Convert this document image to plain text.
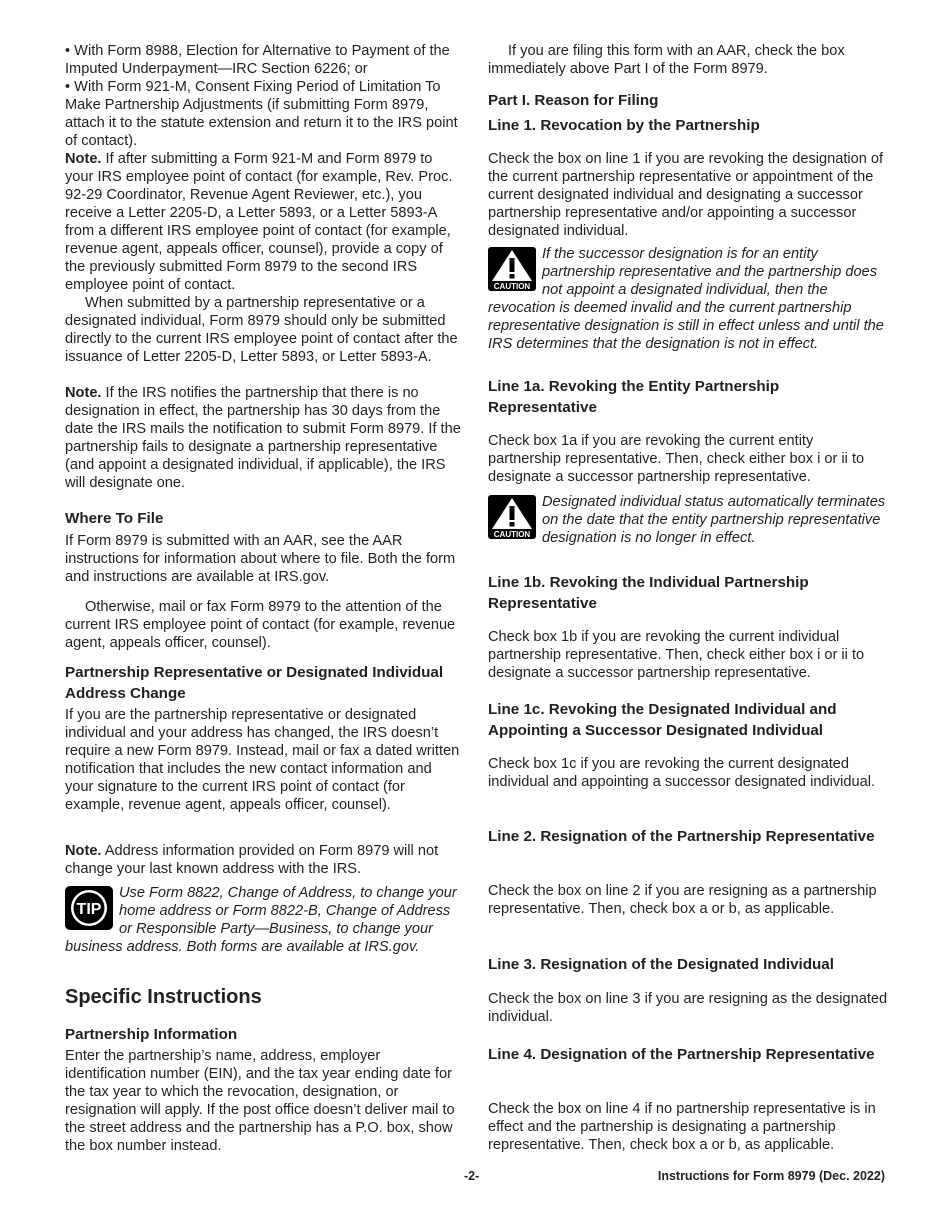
• With Form 8988, Election for Alternative to Payment of the Imputed Underpayment—IRC Section 6226; or
• With Form 921-M, Consent Fixing Period of Limitation To Make Partnership Adjustments (if submitting Form 8979, attach it to the statute extension and return it to the IRS point of contact).
Note. If after submitting a Form 921-M and Form 8979 to your IRS employee point of contact (for example, Rev. Proc. 92-29 Coordinator, Revenue Agent Reviewer, etc.), you receive a Letter 2205-D, a Letter 5893, or a Letter 5893-A from a different IRS employee point of contact (for example, revenue agent, appeals officer, counsel), provide a copy of the previously submitted Form 8979 to the second IRS employee point of contact.
When submitted by a partnership representative or a designated individual, Form 8979 should only be submitted directly to the current IRS employee point of contact after the issuance of Letter 2205-D, Letter 5893, or Letter 5893-A.
Note. If the IRS notifies the partnership that there is no designation in effect, the partnership has 30 days from the date the IRS mails the notification to submit Form 8979. If the partnership fails to designate a partnership representative (and appoint a designated individual, if applicable), the IRS will designate one.
Where To File
If Form 8979 is submitted with an AAR, see the AAR instructions for information about where to file. Both the form and instructions are available at IRS.gov.
Otherwise, mail or fax Form 8979 to the attention of the current IRS employee point of contact (for example, revenue agent, appeals officer, counsel).
Partnership Representative or Designated Individual Address Change
If you are the partnership representative or designated individual and your address has changed, the IRS doesn’t require a new Form 8979. Instead, mail or fax a dated written notification that includes the new contact information and your signature to the current IRS point of contact (for example, revenue agent, appeals officer, counsel).
Note. Address information provided on Form 8979 will not change your last known address with the IRS.
TIP
Use Form 8822, Change of Address, to change your home address or Form 8822-B, Change of Address or Responsible Party—Business, to change your business address. Both forms are available at IRS.gov.
Specific Instructions
Partnership Information
Enter the partnership’s name, address, employer identification number (EIN), and the tax year ending date for the tax year to which the revocation, designation, or resignation will apply. If the post office doesn’t deliver mail to the street address and the partnership has a P.O. box, show the box number instead.
If you are filing this form with an AAR, check the box immediately above Part I of the Form 8979.
Part I. Reason for Filing
Line 1. Revocation by the Partnership
Check the box on line 1 if you are revoking the designation of the current partnership representative or appointment of the current designated individual and designating a successor partnership representative and/or appointing a successor designated individual.
CAUTION
If the successor designation is for an entity partnership representative and the partnership does not appoint a designated individual, then the revocation is deemed invalid and the current partnership representative designation is still in effect unless and until the IRS determines that the designation is not in effect.
Line 1a. Revoking the Entity Partnership Representative
Check box 1a if you are revoking the current entity partnership representative. Then, check either box i or ii to designate a successor partnership representative.
CAUTION
Designated individual status automatically terminates on the date that the entity partnership representative designation is no longer in effect.
Line 1b. Revoking the Individual Partnership Representative
Check box 1b if you are revoking the current individual partnership representative. Then, check either box i or ii to designate a successor partnership representative.
Line 1c. Revoking the Designated Individual and Appointing a Successor Designated Individual
Check box 1c if you are revoking the current designated individual and appointing a successor designated individual.
Line 2. Resignation of the Partnership Representative
Check the box on line 2 if you are resigning as a partnership representative. Then, check box a or b, as applicable.
Line 3. Resignation of the Designated Individual
Check the box on line 3 if you are resigning as the designated individual.
Line 4. Designation of the Partnership Representative
Check the box on line 4 if no partnership representative is in effect and the partnership is designating a partnership representative. Then, check box a or b, as applicable.
-2-	Instructions for Form 8979 (Dec. 2022)
